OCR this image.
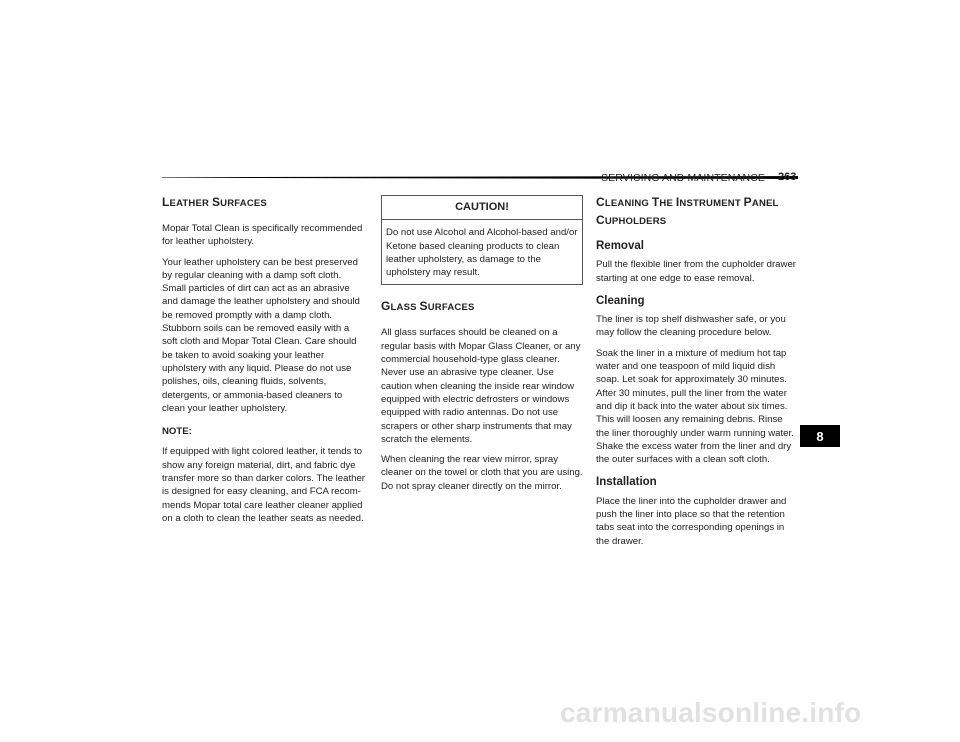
SERVICING AND MAINTENANCE 263
LEATHER SURFACES

Mopar Total Clean is specifically recommended for leather upholstery.

Your leather upholstery can be best preserved by regular cleaning with a damp soft cloth. Small particles of dirt can act as an abrasive and damage the leather upholstery and should be removed promptly with a damp cloth. Stubborn soils can be removed easily with a soft cloth and Mopar Total Clean. Care should be taken to avoid soaking your leather upholstery with any liquid. Please do not use polishes, oils, cleaning fluids, solvents, detergents, or ammonia-based cleaners to clean your leather upholstery.

NOTE:

If equipped with light colored leather, it tends to show any foreign material, dirt, and fabric dye transfer more so than darker colors. The leather is designed for easy cleaning, and FCA recom-mends Mopar total care leather cleaner applied on a cloth to clean the leather seats as needed.

CAUTION!
Do not use Alcohol and Alcohol-based and/or Ketone based cleaning products to clean leather upholstery, as damage to the upholstery may result.
GLASS SURFACES

All glass surfaces should be cleaned on a regular basis with Mopar Glass Cleaner, or any commercial household-type glass cleaner. Never use an abrasive type cleaner. Use caution when cleaning the inside rear window equipped with electric defrosters or windows equipped with radio antennas. Do not use scrapers or other sharp instruments that may scratch the elements.

When cleaning the rear view mirror, spray cleaner on the towel or cloth that you are using. Do not spray cleaner directly on the mirror.

CLEANING THE INSTRUMENT PANEL
CUPHOLDERS
Removal

Pull the flexible liner from the cupholder drawer starting at one edge to ease removal.

Cleaning

The liner is top shelf dishwasher safe, or you may follow the cleaning procedure below.

Soak the liner in a mixture of medium hot tap water and one teaspoon of mild liquid dish soap. Let soak for approximately 30 minutes. After 30 minutes, pull the liner from the water and dip it back into the water about six times. This will loosen any remaining debris. Rinse the liner thoroughly under warm running water. Shake the excess water from the liner and dry the outer surfaces with a clean soft cloth.

Installation

Place the liner into the cupholder drawer and push the liner into place so that the retention tabs seat into the corresponding openings in the drawer.

8
carmanualsonline.info
